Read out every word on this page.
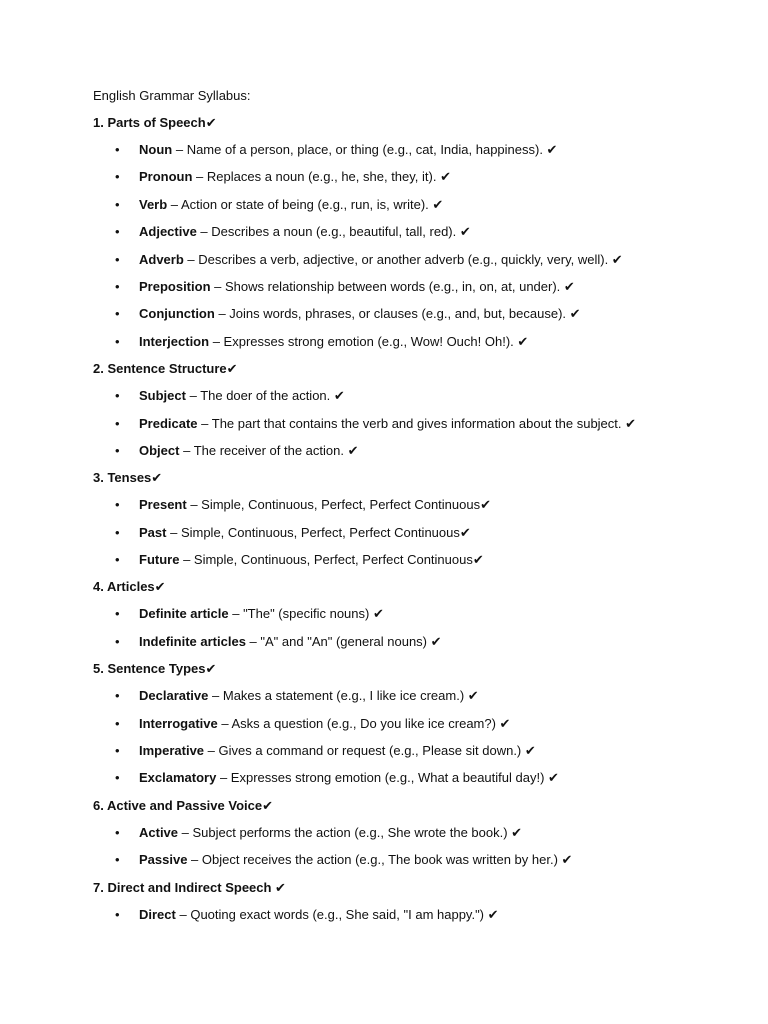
English Grammar Syllabus:
1. Parts of Speech✔
• Noun – Name of a person, place, or thing (e.g., cat, India, happiness). ✔
• Pronoun – Replaces a noun (e.g., he, she, they, it). ✔
• Verb – Action or state of being (e.g., run, is, write). ✔
• Adjective – Describes a noun (e.g., beautiful, tall, red). ✔
• Adverb – Describes a verb, adjective, or another adverb (e.g., quickly, very, well). ✔
• Preposition – Shows relationship between words (e.g., in, on, at, under). ✔
• Conjunction – Joins words, phrases, or clauses (e.g., and, but, because). ✔
• Interjection – Expresses strong emotion (e.g., Wow! Ouch! Oh!). ✔
2. Sentence Structure✔
• Subject – The doer of the action. ✔
• Predicate – The part that contains the verb and gives information about the subject. ✔
• Object – The receiver of the action. ✔
3. Tenses✔
• Present – Simple, Continuous, Perfect, Perfect Continuous✔
• Past – Simple, Continuous, Perfect, Perfect Continuous✔
• Future – Simple, Continuous, Perfect, Perfect Continuous✔
4. Articles✔
• Definite article – "The" (specific nouns) ✔
• Indefinite articles – "A" and "An" (general nouns) ✔
5. Sentence Types✔
• Declarative – Makes a statement (e.g., I like ice cream.) ✔
• Interrogative – Asks a question (e.g., Do you like ice cream?) ✔
• Imperative – Gives a command or request (e.g., Please sit down.) ✔
• Exclamatory – Expresses strong emotion (e.g., What a beautiful day!) ✔
6. Active and Passive Voice✔
• Active – Subject performs the action (e.g., She wrote the book.) ✔
• Passive – Object receives the action (e.g., The book was written by her.) ✔
7. Direct and Indirect Speech ✔
• Direct – Quoting exact words (e.g., She said, "I am happy.") ✔
